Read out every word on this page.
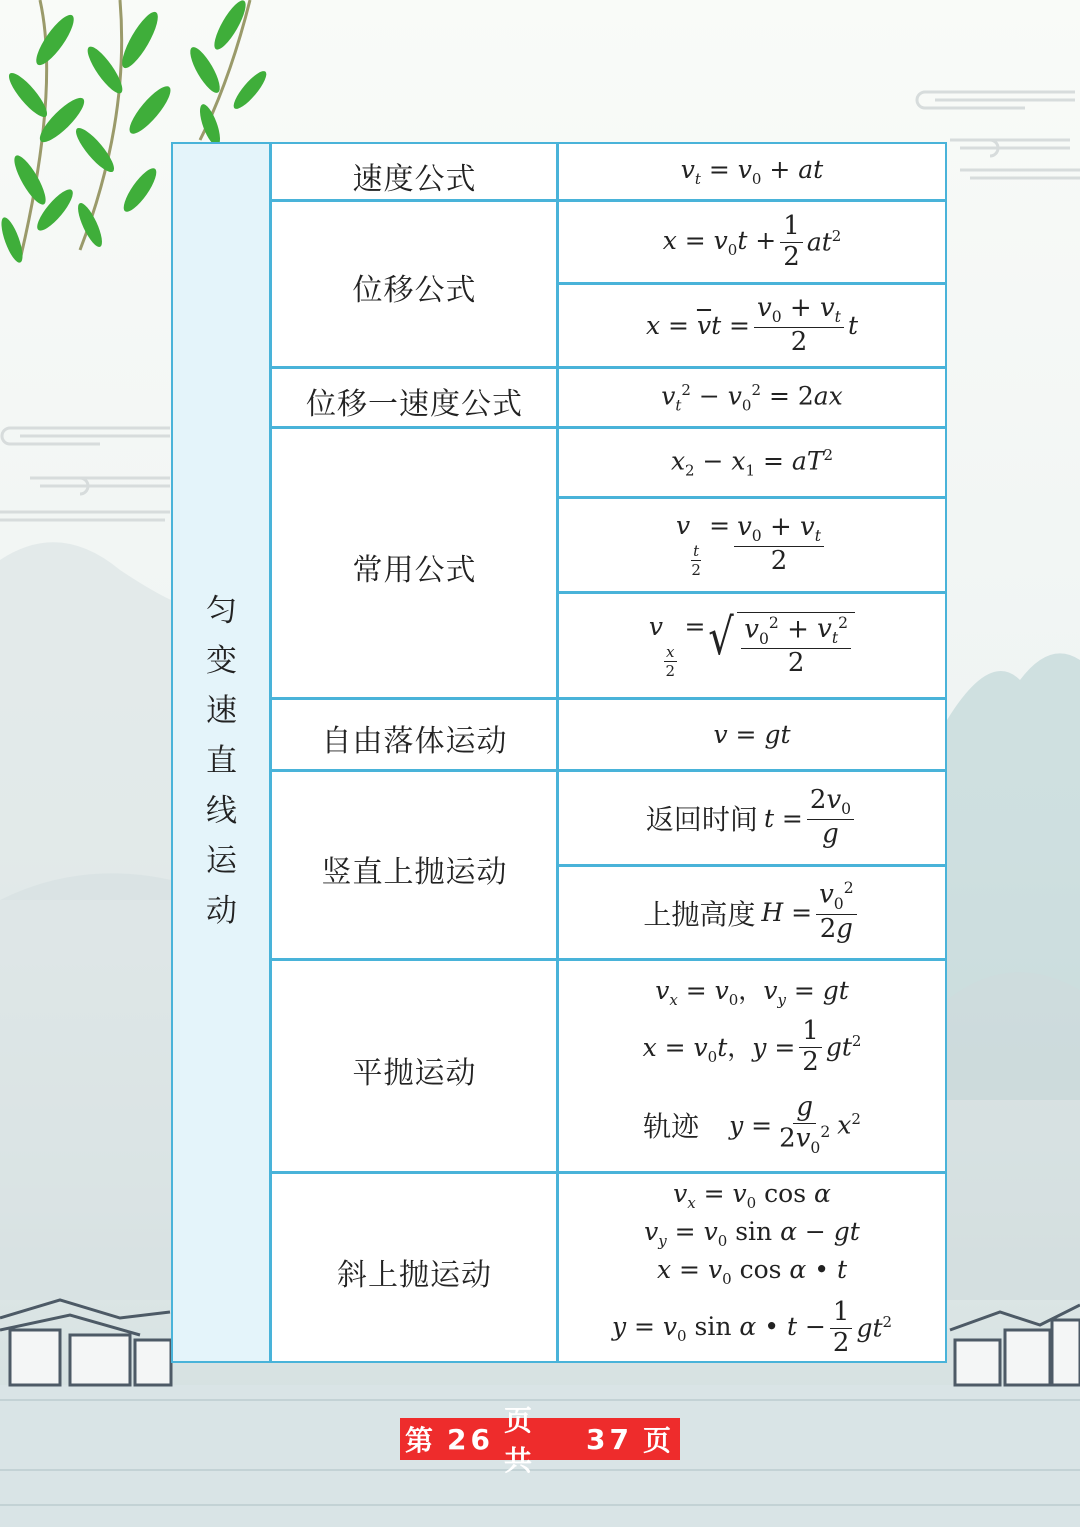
匀
变
速
直
线
运
动
速度公式
位移公式
位移一速度公式
常用公式
自由落体运动
竖直上抛运动
平抛运动
斜上抛运动
$v_t = v_0$ + at
$x = v_0t + \frac{1}{2} at^2$
$x = \overline{v}t = \frac{v_0 + v_t}{2}$ t
$v_t^2 - v_0^2 = 2ax$
$x_2 - x_1 = aT^2$
v
$\frac{t}{2}$
= $\frac{v_0 + v_t}{2}$
v
$\frac{x}{2}$
= √ $v_0^2 + v_t^2$
2
v = gt
返回时间 $t = \frac{2v_0}{g}$
上抛高度 $H = \frac{v_0^2}{2g}$
$v_x = v_0$，$v_y$ = gt
$x = v_0t$，$y = \frac{1}{2} gt^2$
轨迹 $y = \frac{g}{2v_0^2} x^2$
$v_x = v_0$ cos α
$v_y = v_0$ sin α − gt
$x = v_0$ cos α • t
$y = v_0$ sin α • $t - \frac{1}{2} gt^2$
第 26
页 共
37 页
